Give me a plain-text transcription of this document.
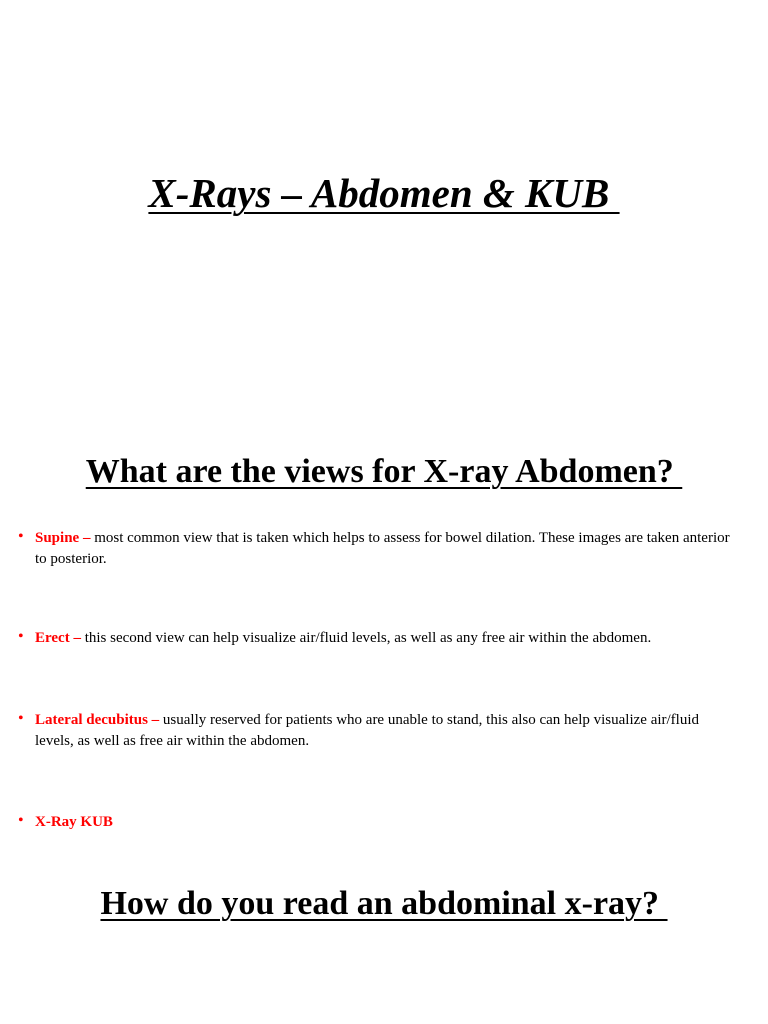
X-Rays – Abdomen & KUB
What are the views for X-ray Abdomen?
• Supine – most common view that is taken which helps to assess for bowel dilation. These images are taken anterior to posterior.
• Erect – this second view can help visualize air/fluid levels, as well as any free air within the abdomen.
• Lateral decubitus – usually reserved for patients who are unable to stand, this also can help visualize air/fluid levels, as well as free air within the abdomen.
• X-Ray KUB
How do you read an abdominal x-ray?
